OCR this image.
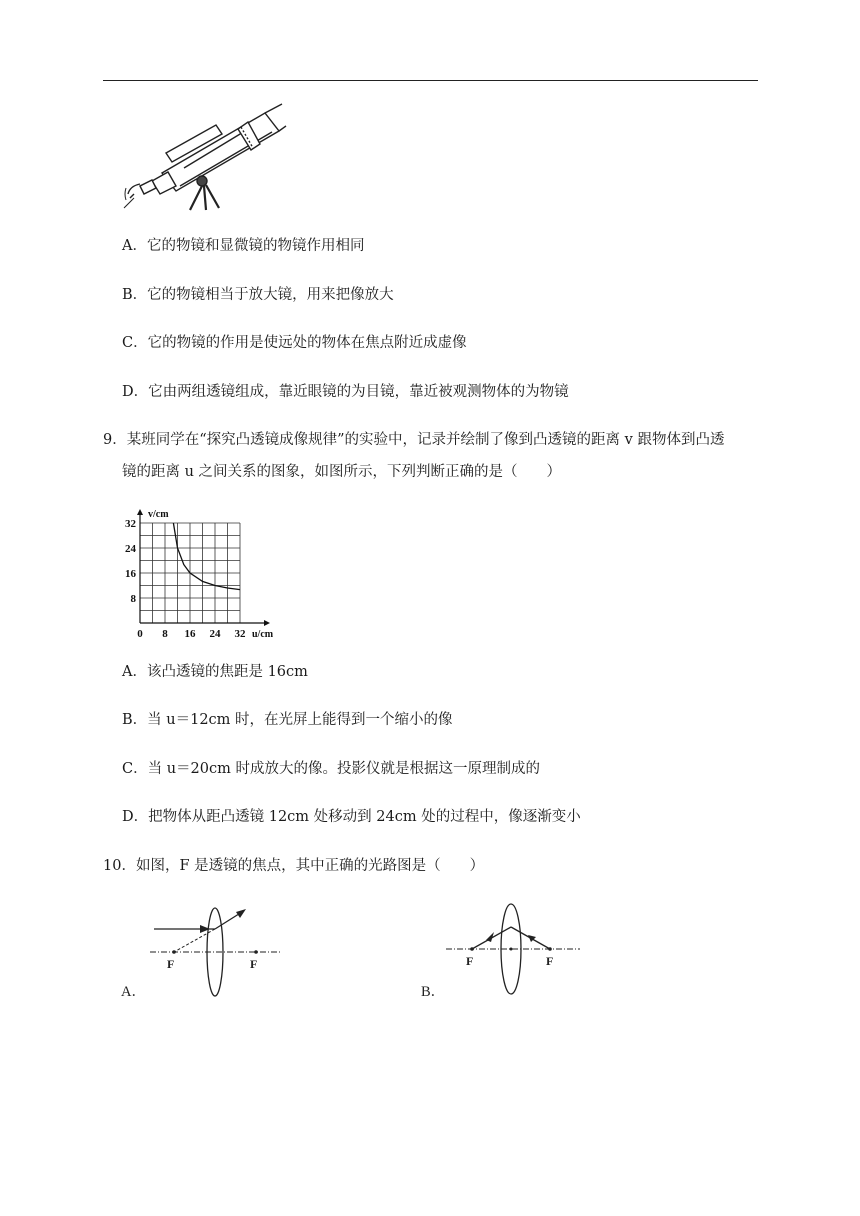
A．它的物镜和显微镜的物镜作用相同
B．它的物镜相当于放大镜，用来把像放大
C．它的物镜的作用是使远处的物体在焦点附近成虚像
D．它由两组透镜组成，靠近眼镜的为目镜，靠近被观测物体的为物镜
9．某班同学在“探究凸透镜成像规律”的实验中，记录并绘制了像到凸透镜的距离 v 跟物体到凸透
镜的距离 u 之间关系的图象，如图所示，下列判断正确的是（　　）
0 8 16 24 32
8
16
24
32
u/cm
v/cm
A．该凸透镜的焦距是 16cm
B．当 u＝12cm 时，在光屏上能得到一个缩小的像
C．当 u＝20cm 时成放大的像。投影仪就是根据这一原理制成的
D．把物体从距凸透镜 12cm 处移动到 24cm 处的过程中，像逐渐变小
10．如图，F 是透镜的焦点，其中正确的光路图是（　　）
F	F
A．
F	F
B．
